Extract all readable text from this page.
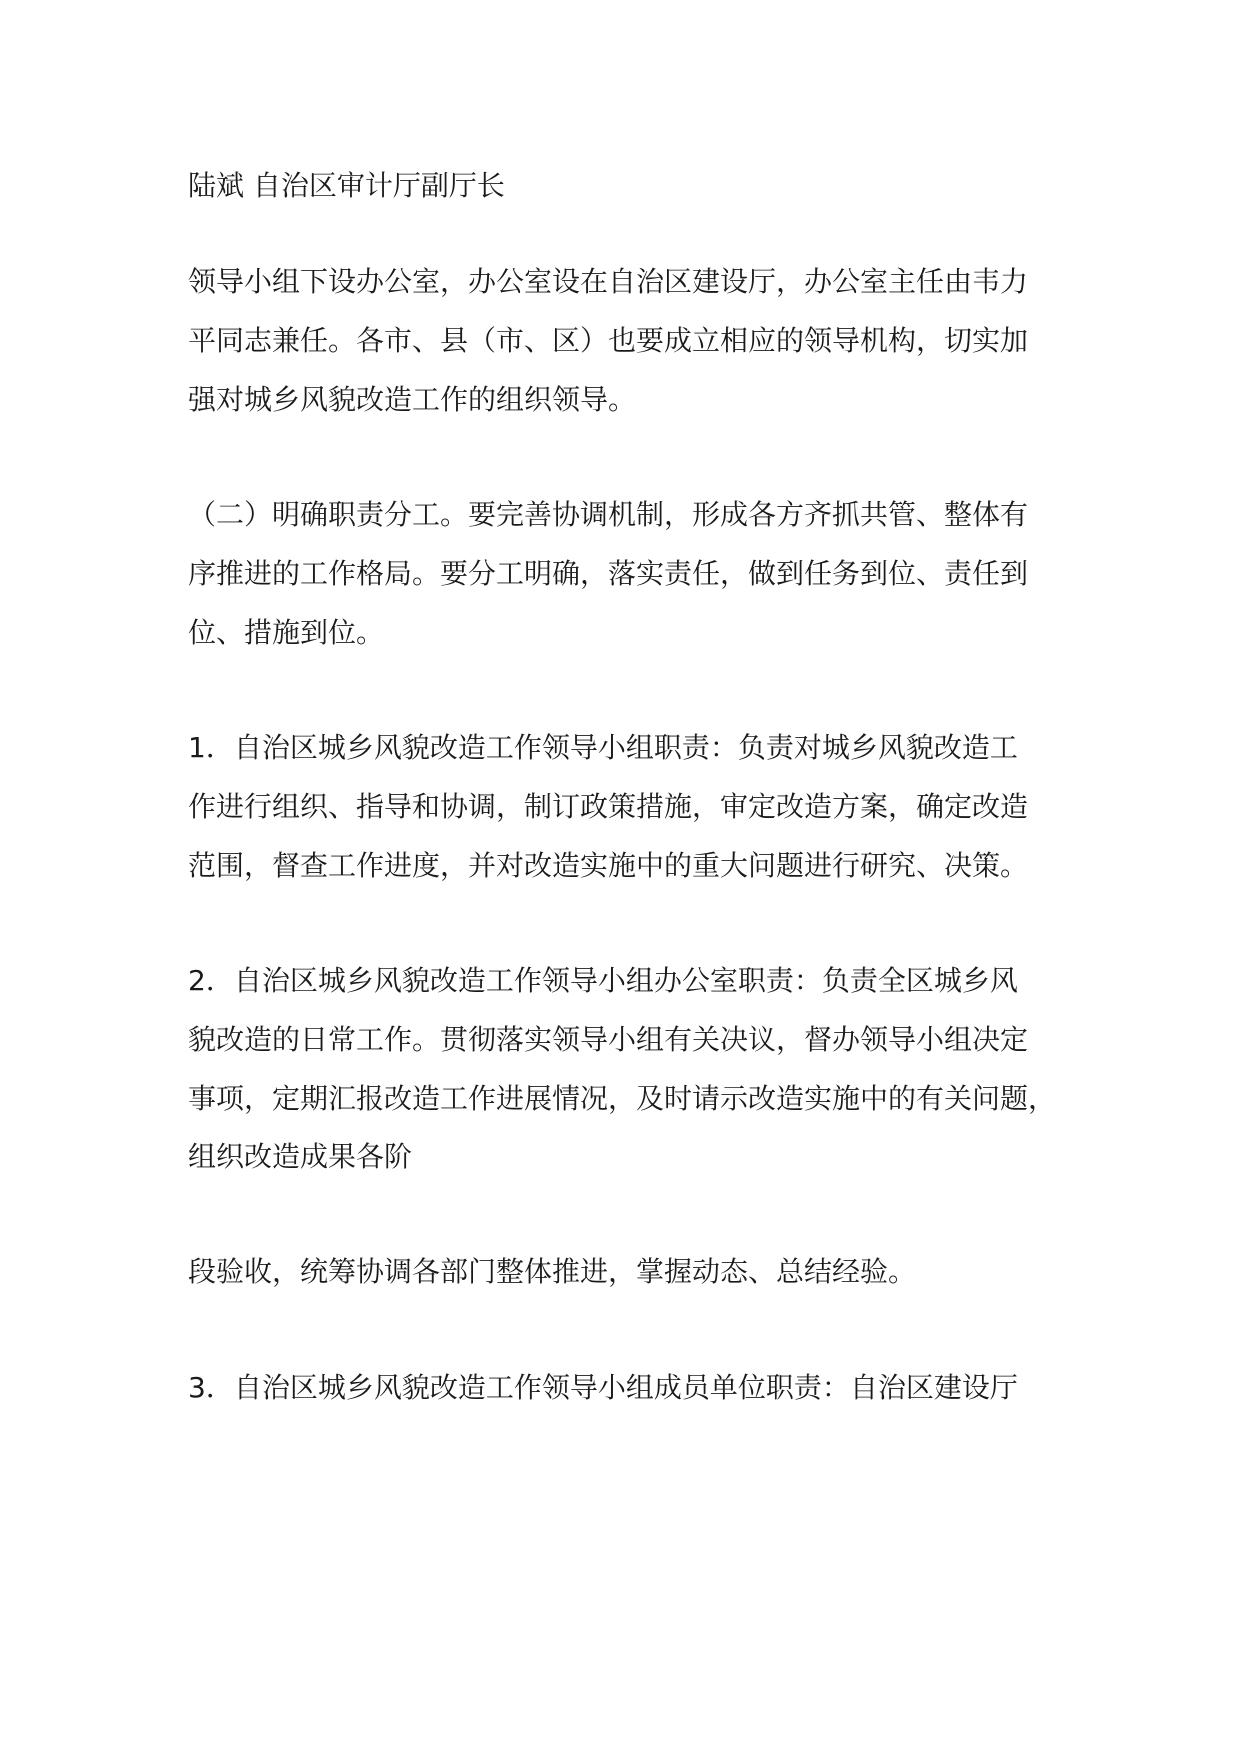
陆斌 自治区审计厅副厅长

领导小组下设办公室，办公室设在自治区建设厅，办公室主任由韦力

平同志兼任。各市、县（市、区）也要成立相应的领导机构，切实加

强对城乡风貌改造工作的组织领导。

（二）明确职责分工。要完善协调机制，形成各方齐抓共管、整体有

序推进的工作格局。要分工明确，落实责任，做到任务到位、责任到

位、措施到位。

1．自治区城乡风貌改造工作领导小组职责：负责对城乡风貌改造工

作进行组织、指导和协调，制订政策措施，审定改造方案，确定改造

范围，督查工作进度，并对改造实施中的重大问题进行研究、决策。

2．自治区城乡风貌改造工作领导小组办公室职责：负责全区城乡风

貌改造的日常工作。贯彻落实领导小组有关决议，督办领导小组决定

事项，定期汇报改造工作进展情况，及时请示改造实施中的有关问题，

组织改造成果各阶

段验收，统筹协调各部门整体推进，掌握动态、总结经验。

3．自治区城乡风貌改造工作领导小组成员单位职责：自治区建设厅
